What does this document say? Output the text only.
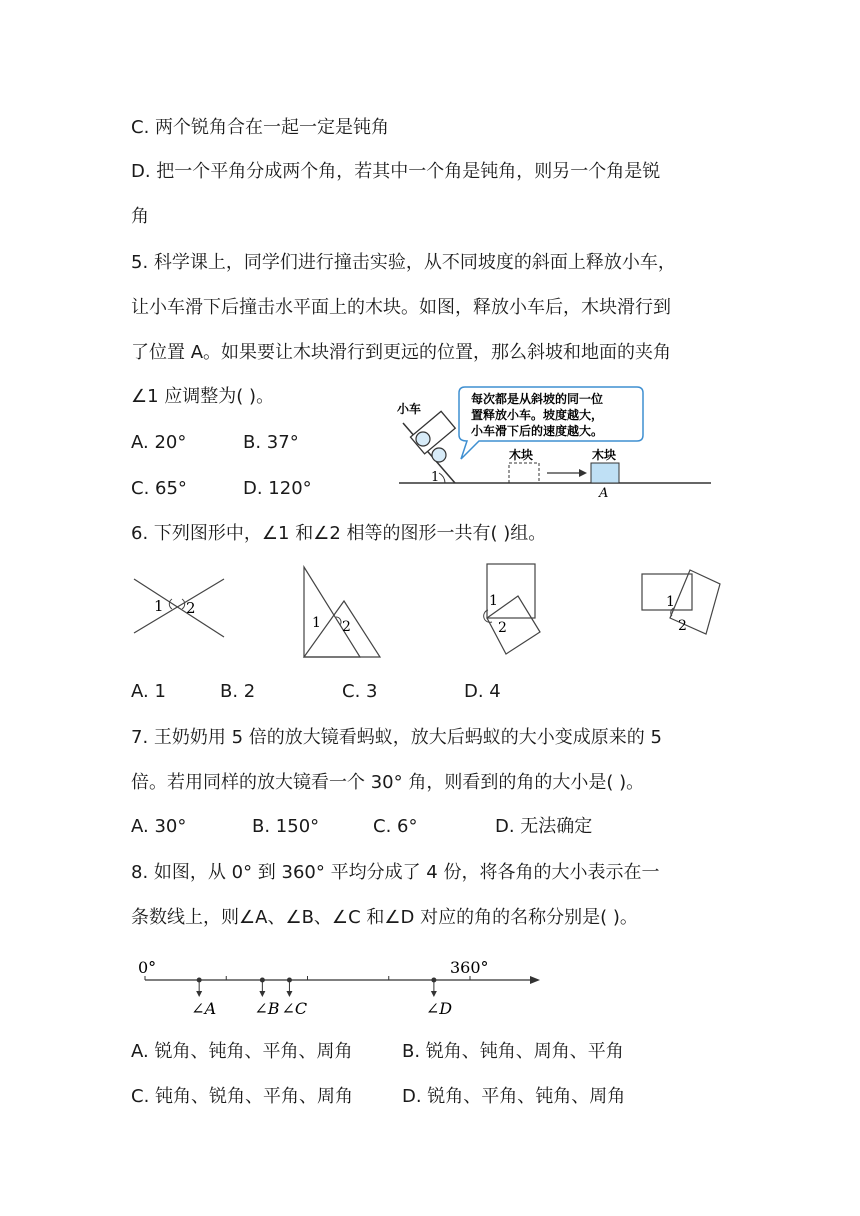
C. 两个锐角合在一起一定是钝角
D. 把一个平角分成两个角，若其中一个角是钝角，则另一个角是锐
角
5. 科学课上，同学们进行撞击实验，从不同坡度的斜面上释放小车，
让小车滑下后撞击水平面上的木块。如图，释放小车后，木块滑行到
了位置 A。如果要让木块滑行到更远的位置，那么斜坡和地面的夹角
∠1 应调整为( )。
A. 20°	B. 37°
C. 65°	D. 120°
每次都是从斜坡的同一位
置释放小车。坡度越大，
小车滑下后的速度越大。
小车
1
木块	木块
A
6. 下列图形中，∠1 和∠2 相等的图形一共有( )组。
1 2
1 2
1
2
1
2
A. 1	B. 2	C. 3	D. 4
7. 王奶奶用 5 倍的放大镜看蚂蚁，放大后蚂蚁的大小变成原来的 5
倍。若用同样的放大镜看一个 30° 角，则看到的角的大小是( )。
A. 30°	B. 150°	C. 6°	D. 无法确定
8. 如图，从 0° 到 360° 平均分成了 4 份，将各角的大小表示在一
条数线上，则∠A、∠B、∠C 和∠D 对应的角的名称分别是( )。
0°	360°
∠A ∠B ∠C	∠D
A. 锐角、钝角、平角、周角	B. 锐角、钝角、周角、平角
C. 钝角、锐角、平角、周角	D. 锐角、平角、钝角、周角
